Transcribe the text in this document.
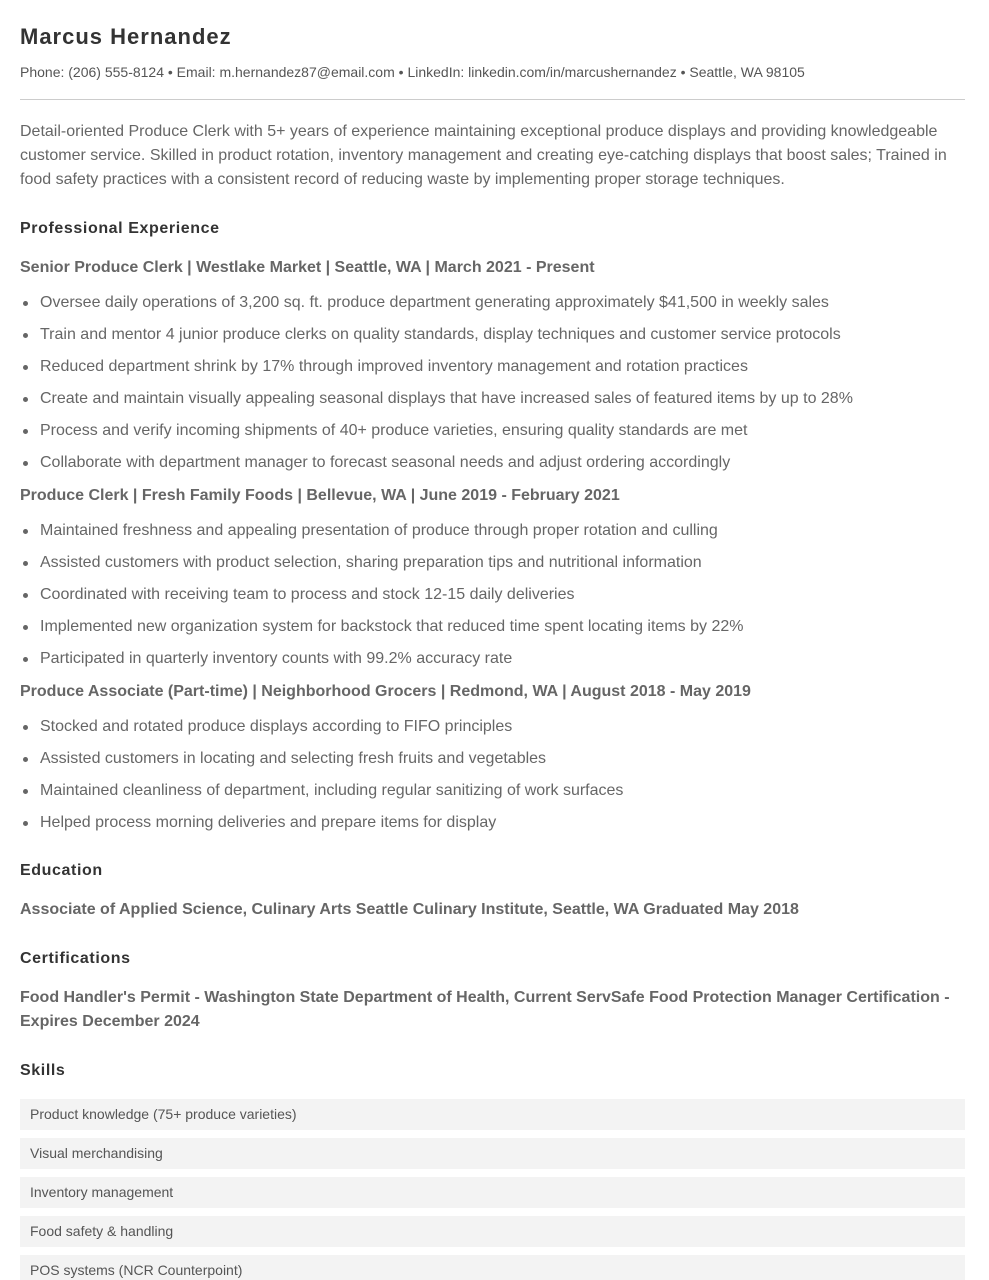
Marcus Hernandez
Phone: (206) 555-8124 • Email: m.hernandez87@email.com • LinkedIn: linkedin.com/in/marcushernandez • Seattle, WA 98105

Detail-oriented Produce Clerk with 5+ years of experience maintaining exceptional produce displays and providing knowledgeable customer service. Skilled in product rotation, inventory management and creating eye-catching displays that boost sales; Trained in food safety practices with a consistent record of reducing waste by implementing proper storage techniques.

Professional Experience
Senior Produce Clerk | Westlake Market | Seattle, WA | March 2021 - Present
Oversee daily operations of 3,200 sq. ft. produce department generating approximately $41,500 in weekly sales
Train and mentor 4 junior produce clerks on quality standards, display techniques and customer service protocols
Reduced department shrink by 17% through improved inventory management and rotation practices
Create and maintain visually appealing seasonal displays that have increased sales of featured items by up to 28%
Process and verify incoming shipments of 40+ produce varieties, ensuring quality standards are met
Collaborate with department manager to forecast seasonal needs and adjust ordering accordingly
Produce Clerk | Fresh Family Foods | Bellevue, WA | June 2019 - February 2021
Maintained freshness and appealing presentation of produce through proper rotation and culling
Assisted customers with product selection, sharing preparation tips and nutritional information
Coordinated with receiving team to process and stock 12-15 daily deliveries
Implemented new organization system for backstock that reduced time spent locating items by 22%
Participated in quarterly inventory counts with 99.2% accuracy rate
Produce Associate (Part-time) | Neighborhood Grocers | Redmond, WA | August 2018 - May 2019
Stocked and rotated produce displays according to FIFO principles
Assisted customers in locating and selecting fresh fruits and vegetables
Maintained cleanliness of department, including regular sanitizing of work surfaces
Helped process morning deliveries and prepare items for display
Education
Associate of Applied Science, Culinary Arts Seattle Culinary Institute, Seattle, WA Graduated May 2018
Certifications
Food Handler's Permit - Washington State Department of Health, Current ServSafe Food Protection Manager Certification - Expires December 2024
Skills
Product knowledge (75+ produce varieties)
Visual merchandising
Inventory management
Food safety & handling
POS systems (NCR Counterpoint)
